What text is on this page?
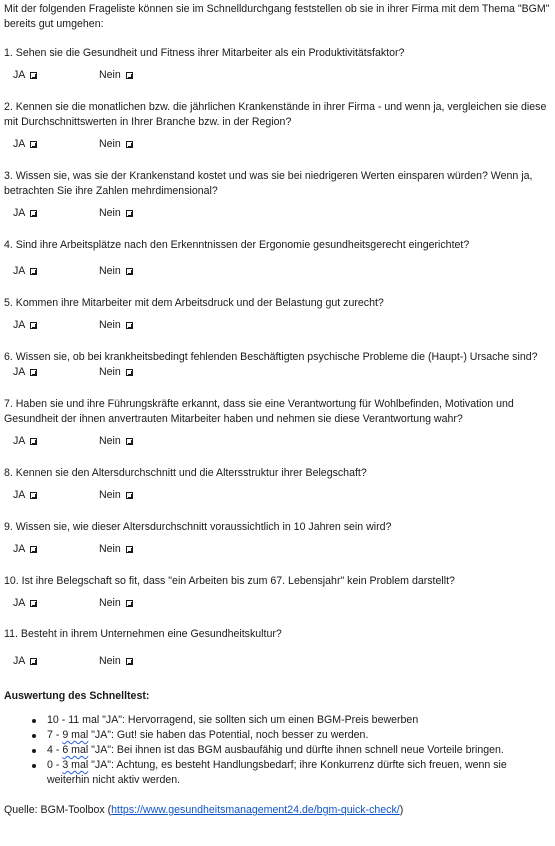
Mit der folgenden Frageliste können sie im Schnelldurchgang feststellen ob sie in ihrer Firma mit dem Thema "BGM" bereits gut umgehen:

1. Sehen sie die Gesundheit und Fitness ihrer Mitarbeiter als ein Produktivitätsfaktor?

JA	Nein

2. Kennen sie die monatlichen bzw. die jährlichen Krankenstände in ihrer Firma - und wenn ja, vergleichen sie diese mit Durchschnittswerten in Ihrer Branche bzw. in der Region?

JA	Nein

3. Wissen sie, was sie der Krankenstand kostet und was sie bei niedrigeren Werten einsparen würden? Wenn ja, betrachten Sie ihre Zahlen mehrdimensional?

JA	Nein

4. Sind ihre Arbeitsplätze nach den Erkenntnissen der Ergonomie gesundheitsgerecht eingerichtet?

JA	Nein

5. Kommen ihre Mitarbeiter mit dem Arbeitsdruck und der Belastung gut zurecht?

JA	Nein

6. Wissen sie, ob bei krankheitsbedingt fehlenden Beschäftigten psychische Probleme die (Haupt-) Ursache sind?

JA	Nein

7. Haben sie und ihre Führungskräfte erkannt, dass sie eine Verantwortung für Wohlbefinden, Motivation und Gesundheit der ihnen anvertrauten Mitarbeiter haben und nehmen sie diese Verantwortung wahr?

JA	Nein

8. Kennen sie den Altersdurchschnitt und die Altersstruktur ihrer Belegschaft?

JA	Nein

9. Wissen sie, wie dieser Altersdurchschnitt voraussichtlich in 10 Jahren sein wird?

JA	Nein

10. Ist ihre Belegschaft so fit, dass "ein Arbeiten bis zum 67. Lebensjahr" kein Problem darstellt?

JA	Nein

11. Besteht in ihrem Unternehmen eine Gesundheitskultur?

JA	Nein

Auswertung des Schnelltest:

10 - 11 mal "JA": Hervorragend, sie sollten sich um einen BGM-Preis bewerben
7 - 9 mal "JA": Gut! sie haben das Potential, noch besser zu werden.
4 - 6 mal "JA": Bei ihnen ist das BGM ausbaufähig und dürfte ihnen schnell neue Vorteile bringen.
0 - 3 mal "JA": Achtung, es besteht Handlungsbedarf; ihre Konkurrenz dürfte sich freuen, wenn sie weiterhin nicht aktiv werden.

Quelle: BGM-Toolbox (https://www.gesundheitsmanagement24.de/bgm-quick-check/)
